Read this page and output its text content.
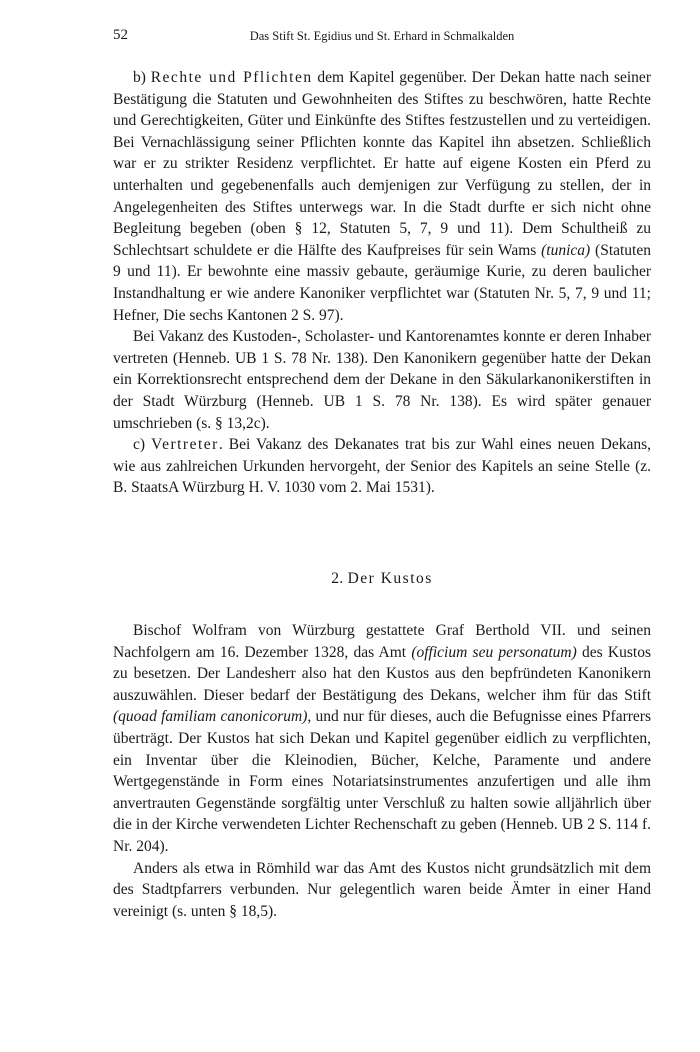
52	Das Stift St. Egidius und St. Erhard in Schmalkalden

b) Rechte und Pflichten dem Kapitel gegenüber. Der Dekan hatte nach seiner Bestätigung die Statuten und Gewohnheiten des Stiftes zu beschwören, hatte Rechte und Gerechtigkeiten, Güter und Einkünfte des Stiftes festzustellen und zu verteidigen. Bei Vernachlässigung seiner Pflichten konnte das Kapitel ihn absetzen. Schließlich war er zu strikter Residenz verpflichtet. Er hatte auf eigene Kosten ein Pferd zu unterhalten und gegebenenfalls auch demjenigen zur Verfügung zu stellen, der in Angelegenheiten des Stiftes unterwegs war. In die Stadt durfte er sich nicht ohne Begleitung begeben (oben § 12, Statuten 5, 7, 9 und 11). Dem Schultheiß zu Schlechtsart schuldete er die Hälfte des Kaufpreises für sein Wams (tunica) (Statuten 9 und 11). Er bewohnte eine massiv gebaute, geräumige Kurie, zu deren baulicher Instandhaltung er wie andere Kanoniker verpflichtet war (Statuten Nr. 5, 7, 9 und 11; Hefner, Die sechs Kantonen 2 S. 97).

Bei Vakanz des Kustoden-, Scholaster- und Kantorenamtes konnte er deren Inhaber vertreten (Henneb. UB 1 S. 78 Nr. 138). Den Kanonikern gegenüber hatte der Dekan ein Korrektionsrecht entsprechend dem der Dekane in den Säkularkanonikerstiften in der Stadt Würzburg (Henneb. UB 1 S. 78 Nr. 138). Es wird später genauer umschrieben (s. § 13,2c).

c) Vertreter. Bei Vakanz des Dekanates trat bis zur Wahl eines neuen Dekans, wie aus zahlreichen Urkunden hervorgeht, der Senior des Kapitels an seine Stelle (z. B. StaatsA Würzburg H. V. 1030 vom 2. Mai 1531).

2. Der Kustos

Bischof Wolfram von Würzburg gestattete Graf Berthold VII. und seinen Nachfolgern am 16. Dezember 1328, das Amt (officium seu personatum) des Kustos zu besetzen. Der Landesherr also hat den Kustos aus den bepfründeten Kanonikern auszuwählen. Dieser bedarf der Bestätigung des Dekans, welcher ihm für das Stift (quoad familiam canonicorum), und nur für dieses, auch die Befugnisse eines Pfarrers überträgt. Der Kustos hat sich Dekan und Kapitel gegenüber eidlich zu verpflichten, ein Inventar über die Kleinodien, Bücher, Kelche, Paramente und andere Wertgegenstände in Form eines Notariatsinstrumentes anzufertigen und alle ihm anvertrauten Gegenstände sorgfältig unter Verschluß zu halten sowie alljährlich über die in der Kirche verwendeten Lichter Rechenschaft zu geben (Henneb. UB 2 S. 114 f. Nr. 204).

Anders als etwa in Römhild war das Amt des Kustos nicht grundsätzlich mit dem des Stadtpfarrers verbunden. Nur gelegentlich waren beide Ämter in einer Hand vereinigt (s. unten § 18,5).
